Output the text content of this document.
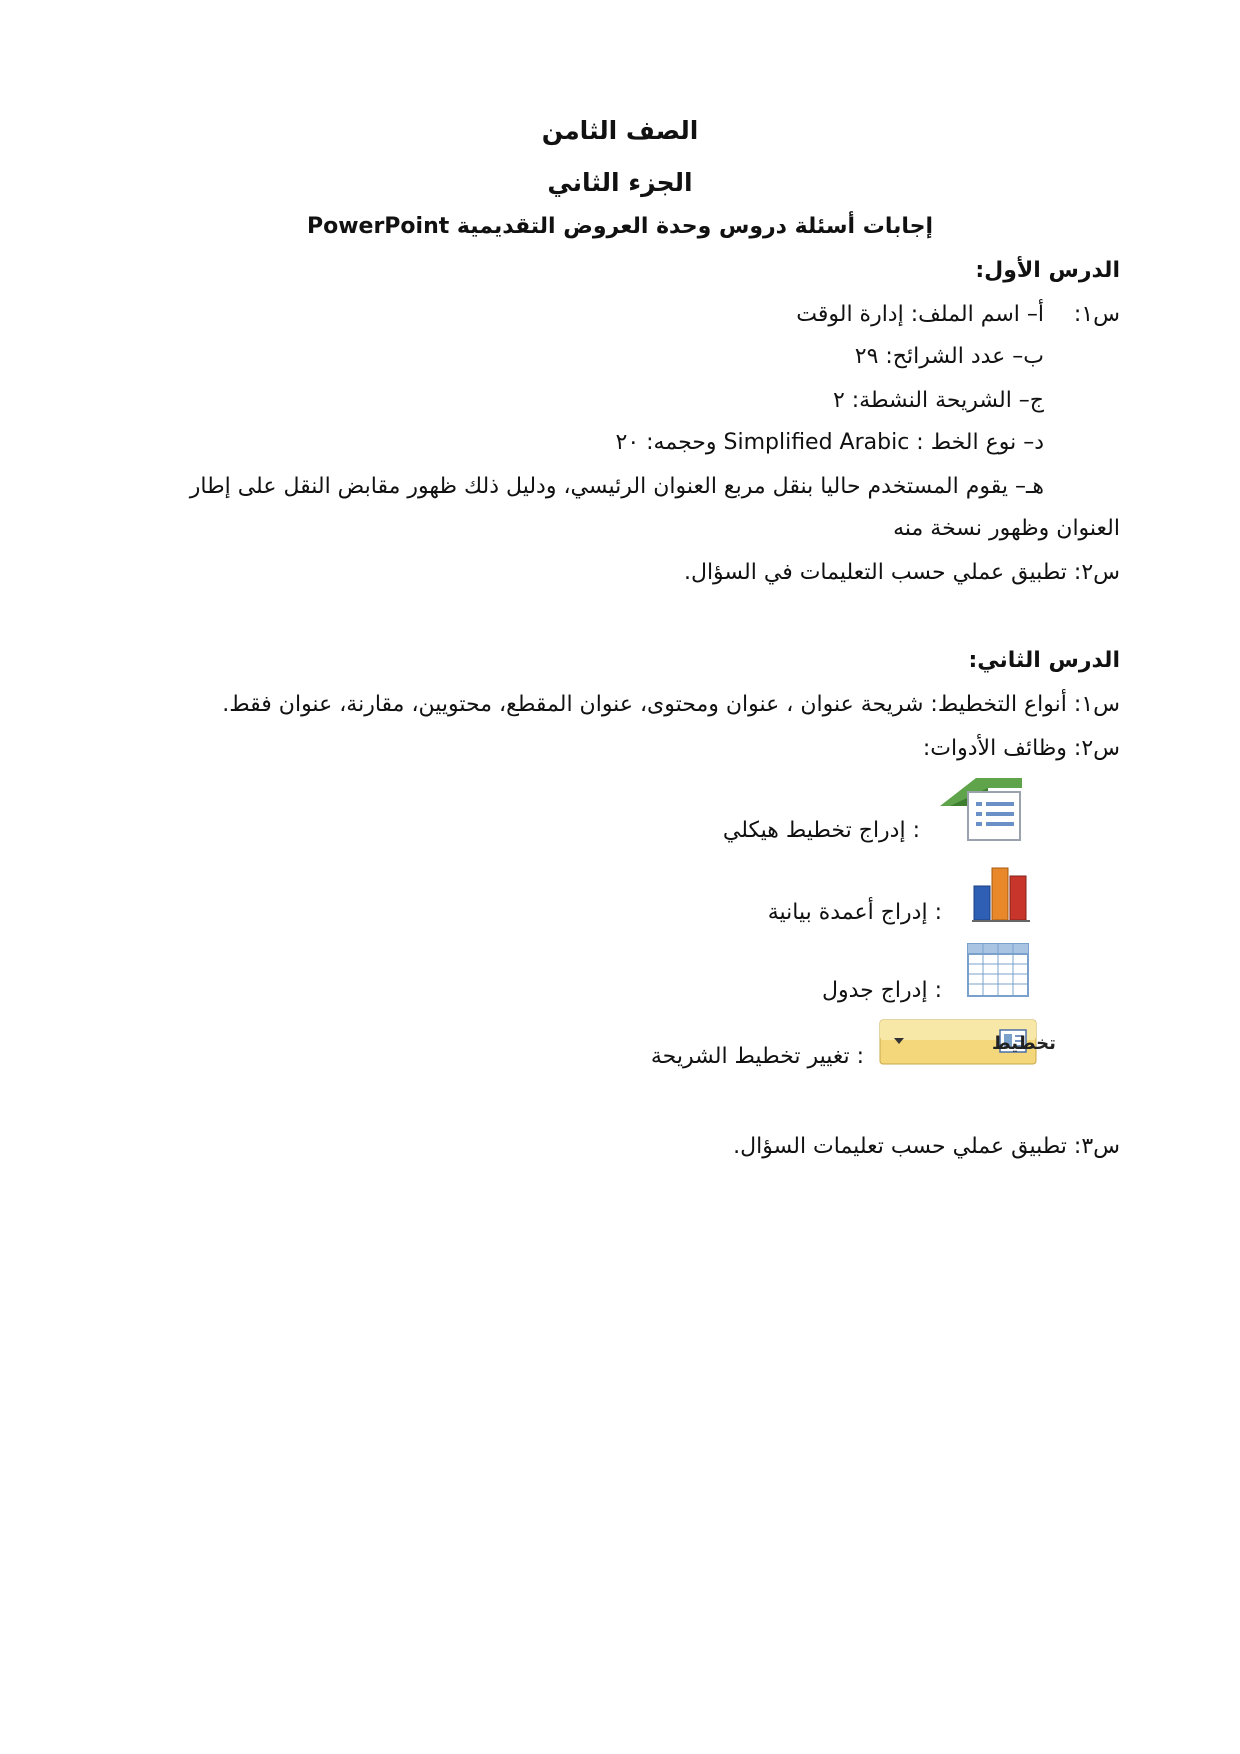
الصف الثامن
الجزء الثاني
إجابات أسئلة دروس وحدة العروض التقديمية PowerPoint
الدرس الأول:
س١:
أ– اسم الملف: إدارة الوقت
ب– عدد الشرائح: ٢٩
ج– الشريحة النشطة: ٢
د– نوع الخط : Simplified Arabic وحجمه: ٢٠
هـ– يقوم المستخدم حاليا بنقل مربع العنوان الرئيسي، ودليل ذلك ظهور مقابض النقل على إطار
العنوان وظهور نسخة منه
س٢: تطبيق عملي حسب التعليمات في السؤال.
الدرس الثاني:
س١: أنواع التخطيط: شريحة عنوان ، عنوان ومحتوى، عنوان المقطع، محتويين، مقارنة، عنوان فقط.
س٢: وظائف الأدوات:
: إدراج تخطيط هيكلي
: إدراج أعمدة بيانية
: إدراج جدول
تخطيط
: تغيير تخطيط الشريحة
س٣: تطبيق عملي حسب تعليمات السؤال.
